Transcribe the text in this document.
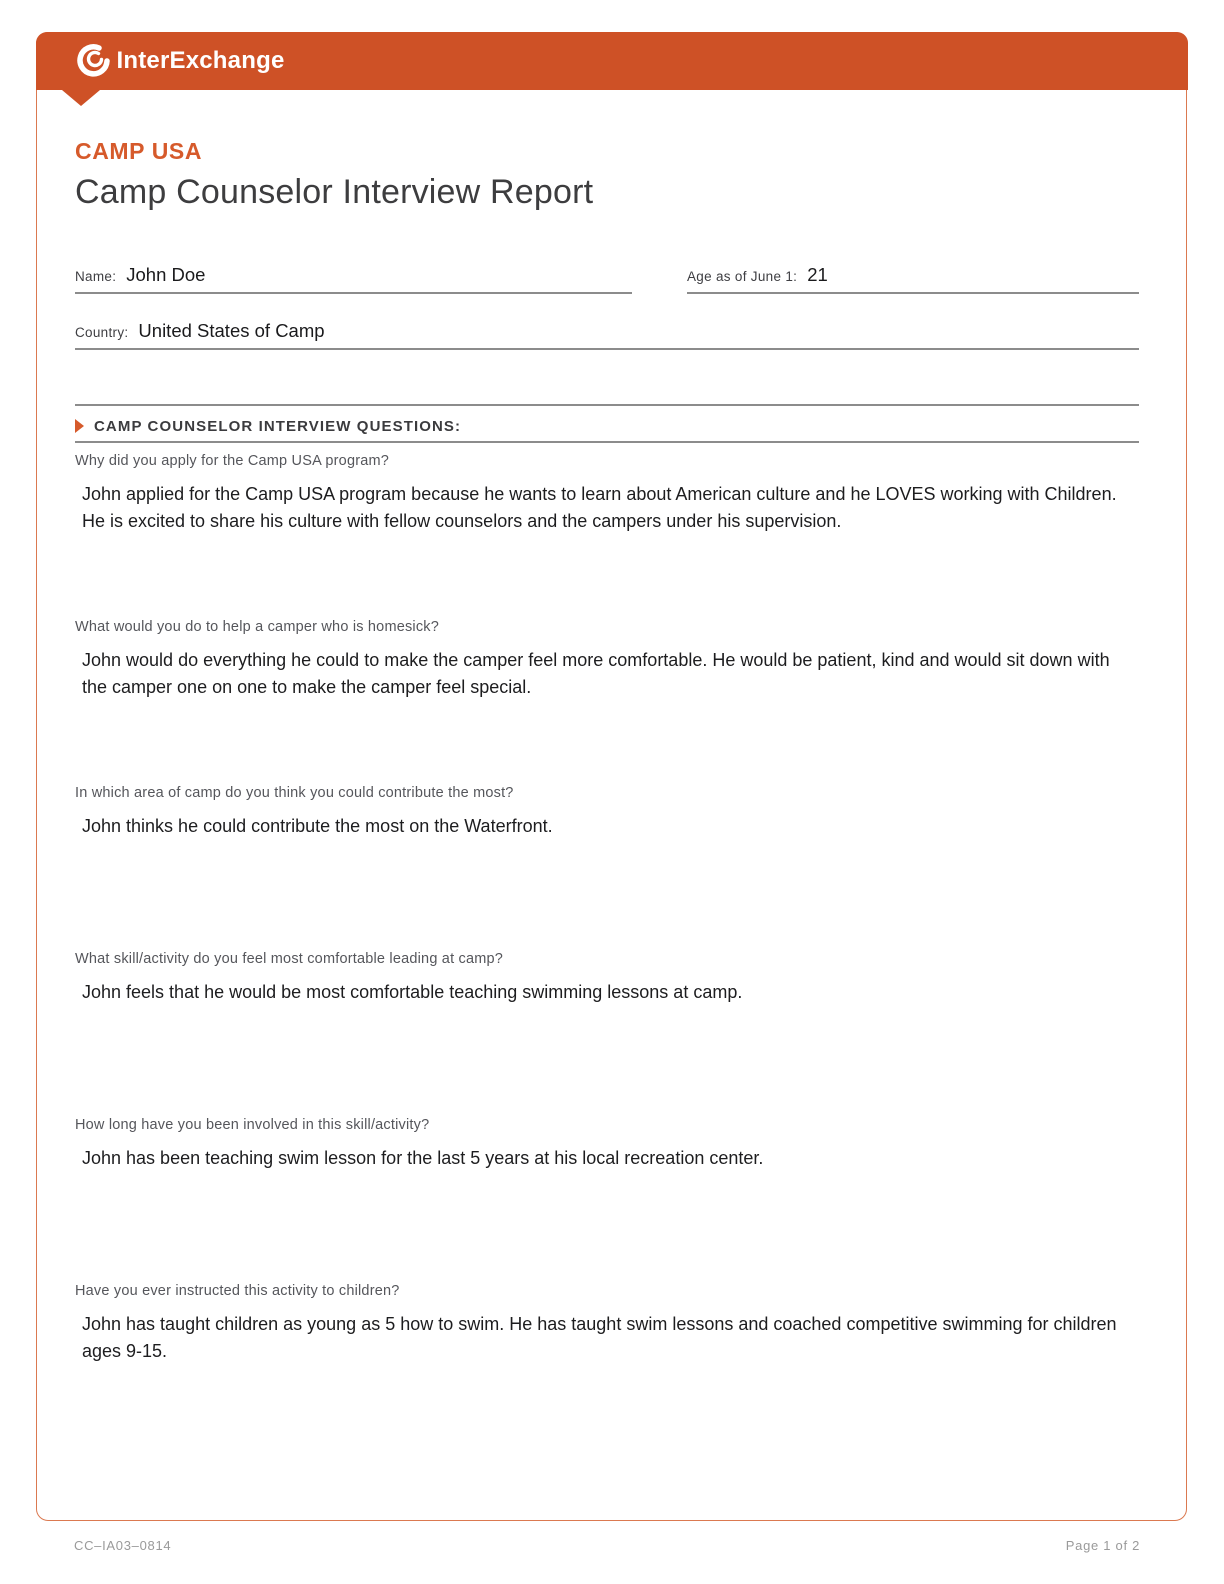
InterExchange
CAMP USA
Camp Counselor Interview Report
Name: John Doe	Age as of June 1: 21
Country: United States of Camp
CAMP COUNSELOR INTERVIEW QUESTIONS:
Why did you apply for the Camp USA program?
John applied for the Camp USA program because he wants to learn about American culture and he LOVES working with Children. He is excited to share his culture with fellow counselors and the campers under his supervision.
What would you do to help a camper who is homesick?
John would do everything he could to make the camper feel more comfortable. He would be patient, kind and would sit down with the camper one on one to make the camper feel special.
In which area of camp do you think you could contribute the most?
John thinks he could contribute the most on the Waterfront.
What skill/activity do you feel most comfortable leading at camp?
John feels that he would be most comfortable teaching swimming lessons at camp.
How long have you been involved in this skill/activity?
John has been teaching swim lesson for the last 5 years at his local recreation center.
Have you ever instructed this activity to children?
John has taught children as young as 5 how to swim. He has taught swim lessons and coached competitive swimming for children ages 9-15.
CC–IA03–0814	Page 1 of 2
